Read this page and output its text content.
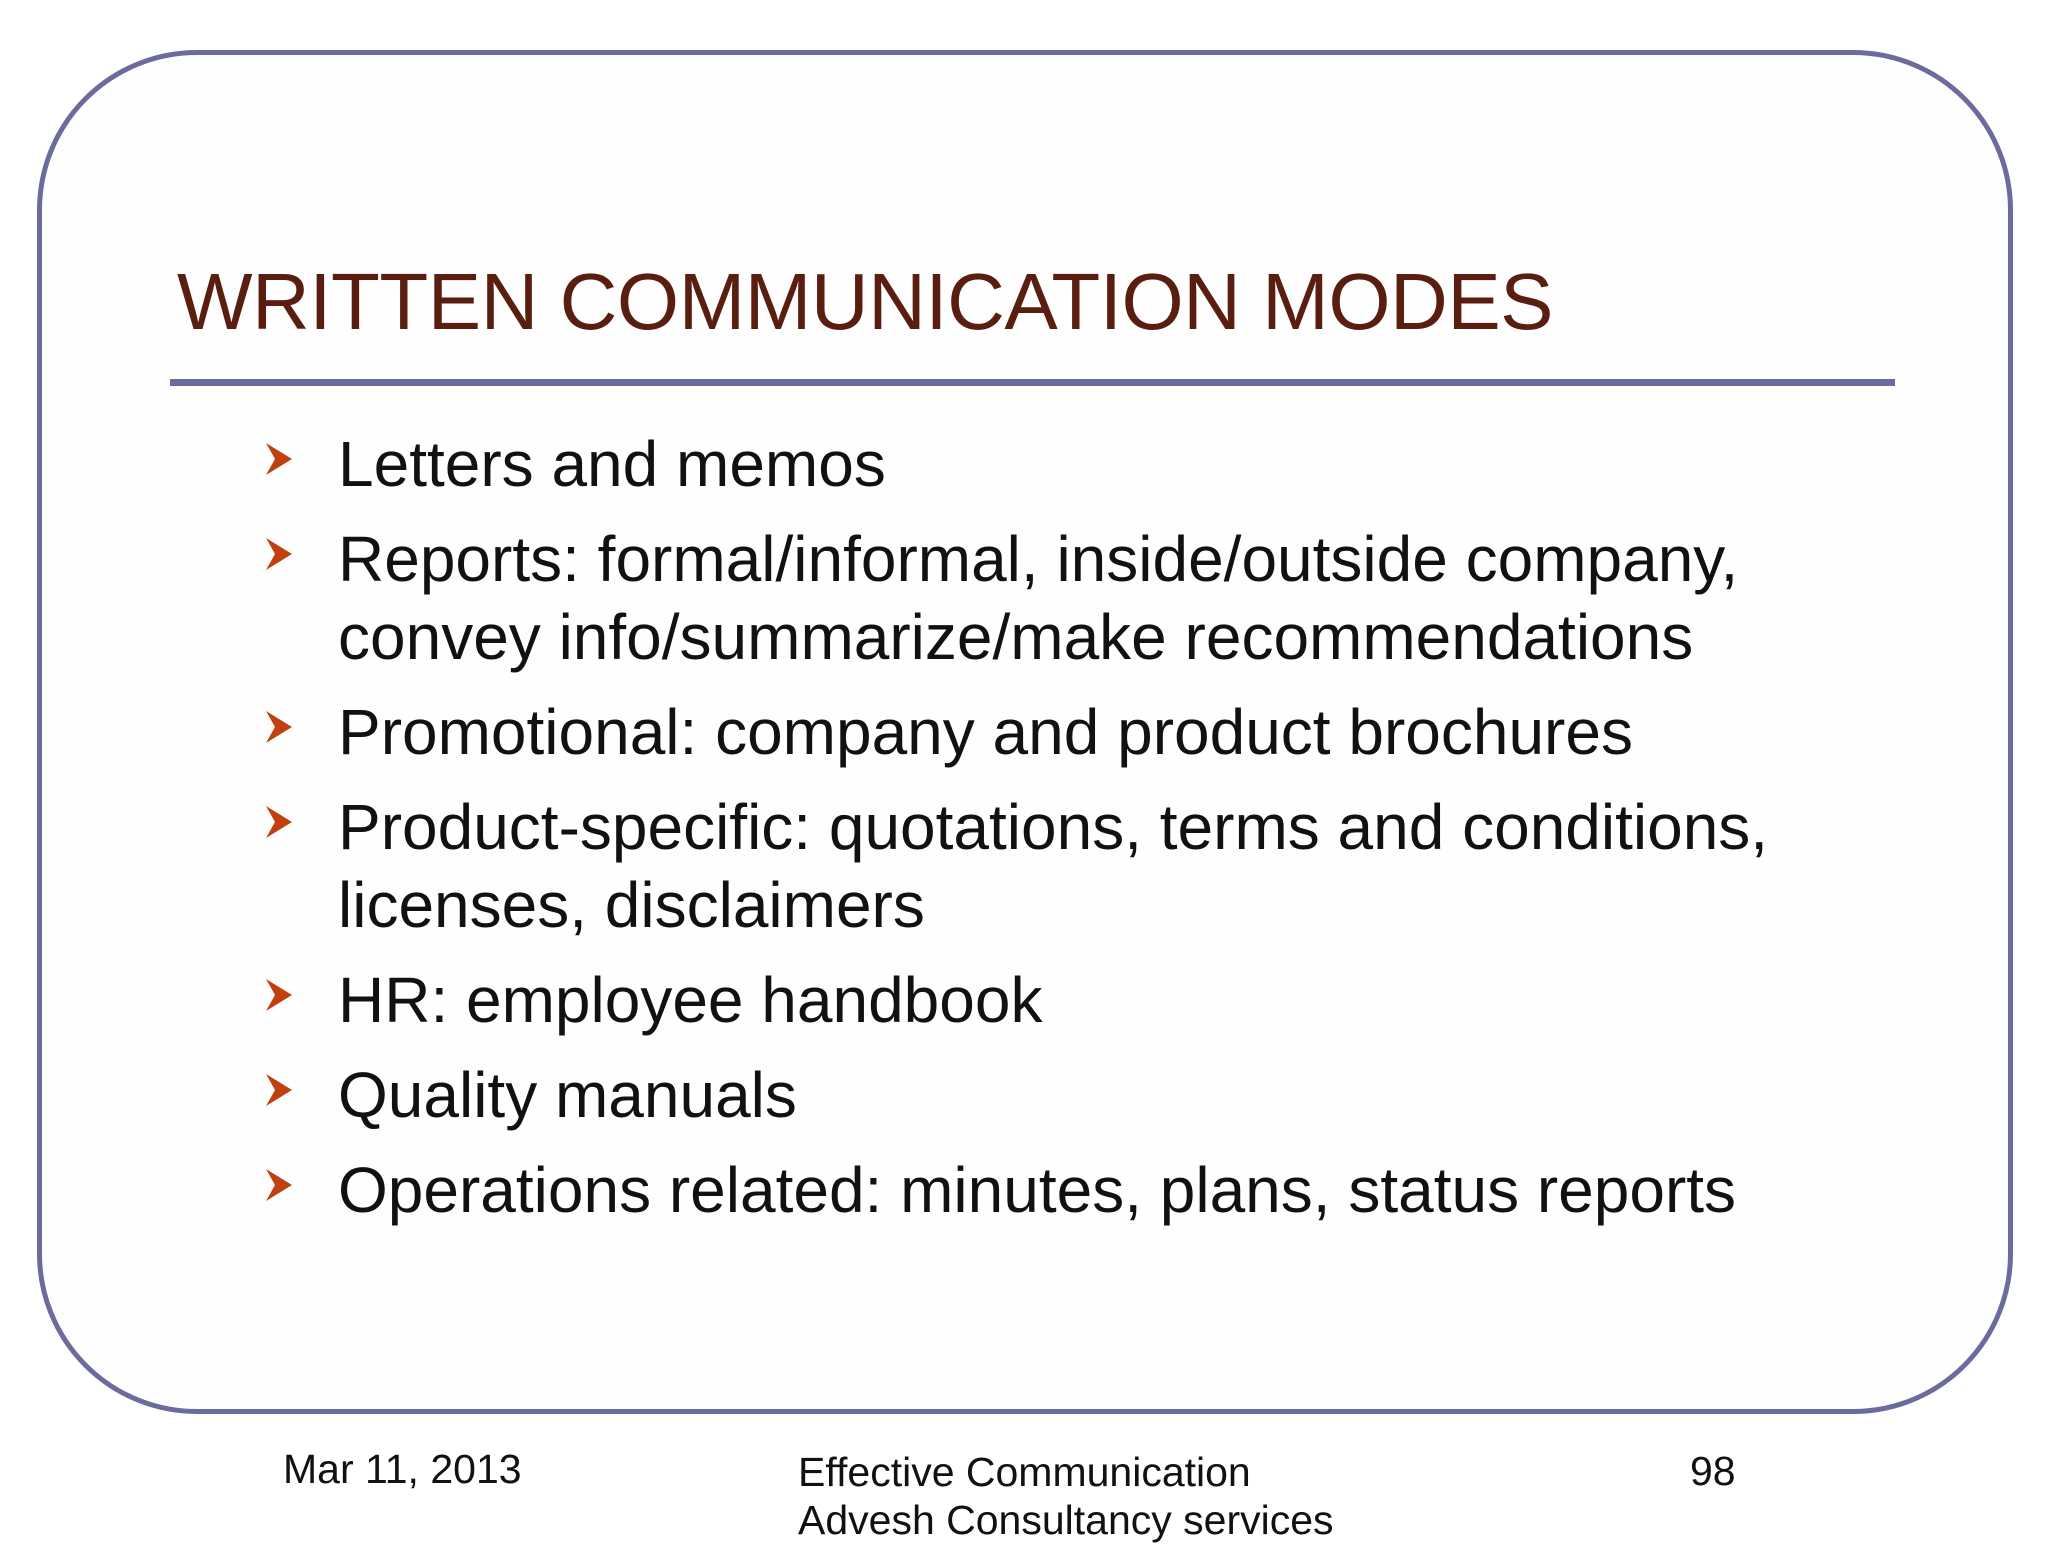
WRITTEN COMMUNICATION MODES
Letters and memos
Reports: formal/informal, inside/outside company,
convey info/summarize/make recommendations
Promotional: company and product brochures
Product-specific: quotations, terms and conditions,
licenses, disclaimers
HR: employee handbook
Quality manuals
Operations related: minutes, plans, status reports
Mar 11, 2013	Effective Communication
Advesh Consultancy services
98
